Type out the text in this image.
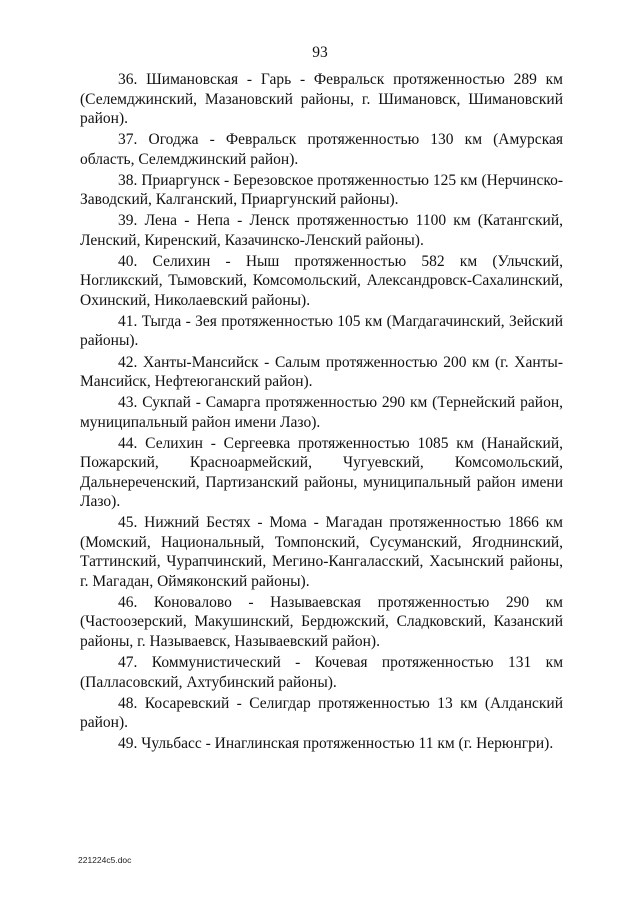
93

36. Шимановская - Гарь - Февральск протяженностью 289 км (Селемджинский, Мазановский районы, г. Шимановск, Шимановский район).

37. Огоджа - Февральск протяженностью 130 км (Амурская область, Селемджинский район).

38. Приаргунск - Березовское протяженностью 125 км (Нерчинско-Заводский, Калганский, Приаргунский районы).

39. Лена - Непа - Ленск протяженностью 1100 км (Катангский, Ленский, Киренский, Казачинско-Ленский районы).

40. Селихин - Ныш протяженностью 582 км (Ульчский, Ногликский, Тымовский, Комсомольский, Александровск-Сахалинский, Охинский, Николаевский районы).

41. Тыгда - Зея протяженностью 105 км (Магдагачинский, Зейский районы).

42. Ханты-Мансийск - Салым протяженностью 200 км (г. Ханты-Мансийск, Нефтеюганский район).

43. Сукпай - Самарга протяженностью 290 км (Тернейский район, муниципальный район имени Лазо).

44. Селихин - Сергеевка протяженностью 1085 км (Нанайский, Пожарский, Красноармейский, Чугуевский, Комсомольский, Дальнереченский, Партизанский районы, муниципальный район имени Лазо).

45. Нижний Бестях - Мома - Магадан протяженностью 1866 км (Момский, Национальный, Томпонский, Сусуманский, Ягоднинский, Таттинский, Чурапчинский, Мегино-Кангаласский, Хасынский районы, г. Магадан, Оймяконский районы).

46. Коновалово - Называевская протяженностью 290 км (Частоозерский, Макушинский, Бердюжский, Сладковский, Казанский районы, г. Называевск, Называевский район).

47. Коммунистический - Кочевая протяженностью 131 км (Палласовский, Ахтубинский районы).

48. Косаревский - Селигдар протяженностью 13 км (Алданский район).

49. Чульбасс - Инаглинская протяженностью 11 км (г. Нерюнгри).

221224c5.doc
